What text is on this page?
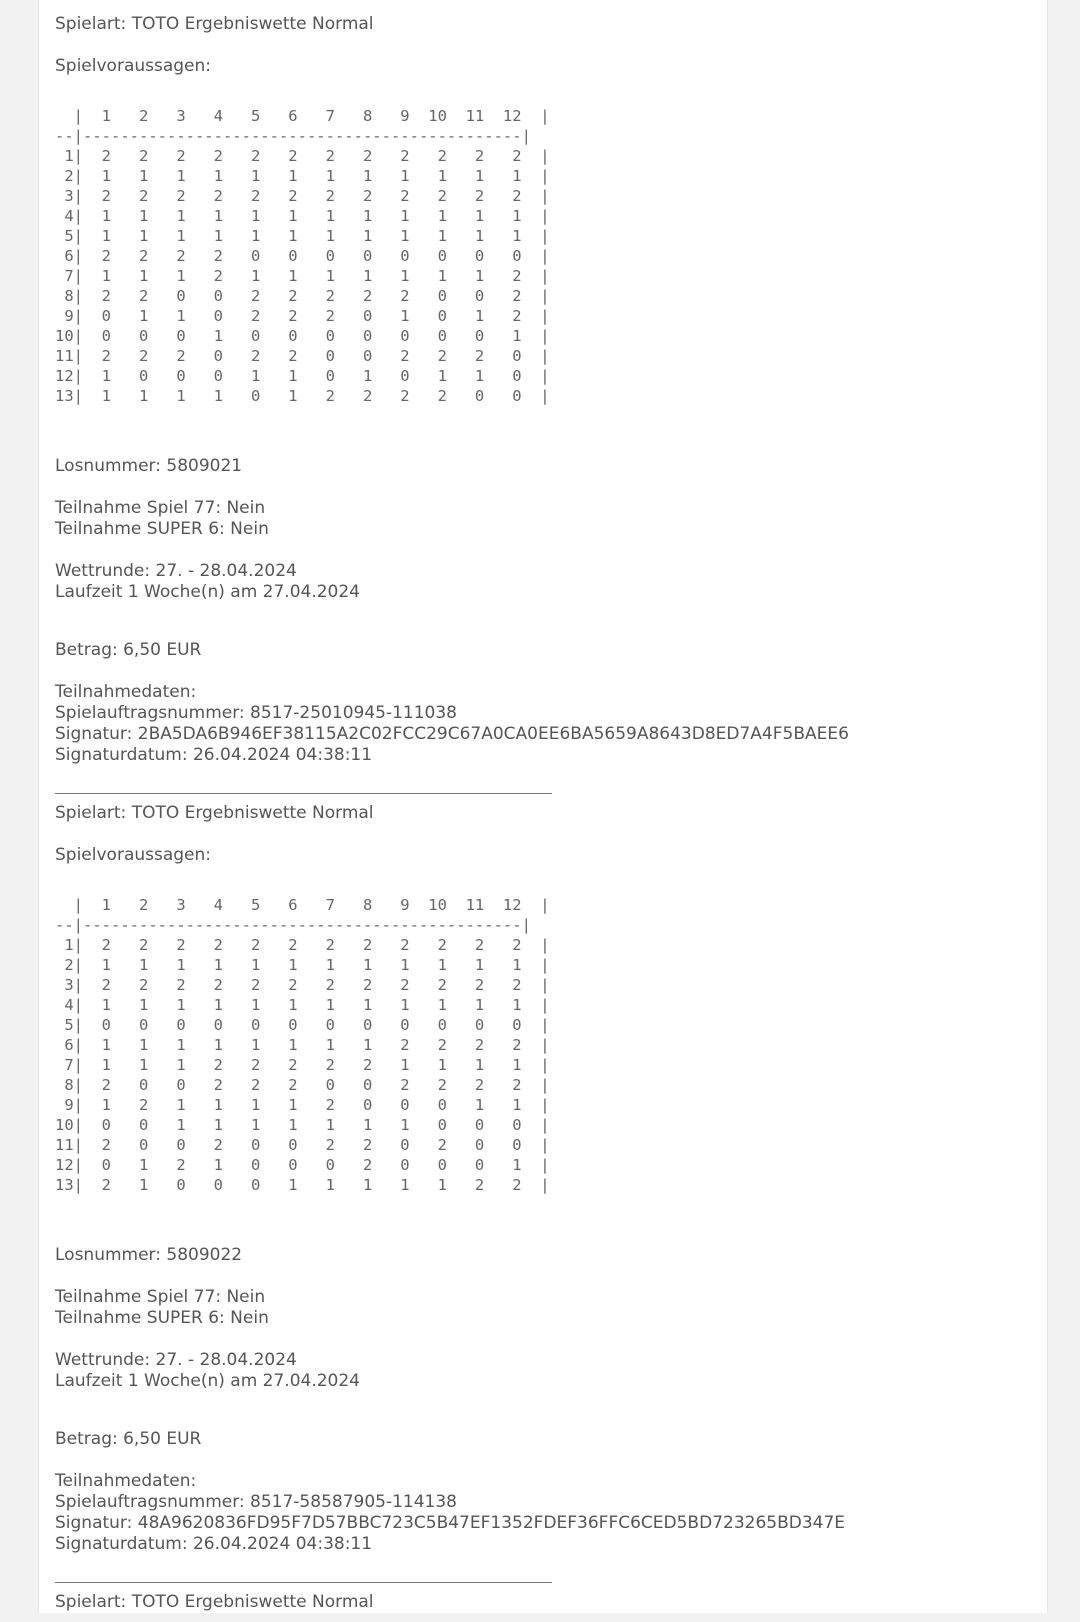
Spielart: TOTO Ergebniswette Normal
Spielvoraussagen:
|  1   2   3   4   5   6   7   8   9  10  11  12  |
--|-----------------------------------------------|
1|  2   2   2   2   2   2   2   2   2   2   2   2  |
2|  1   1   1   1   1   1   1   1   1   1   1   1  |
3|  2   2   2   2   2   2   2   2   2   2   2   2  |
4|  1   1   1   1   1   1   1   1   1   1   1   1  |
5|  1   1   1   1   1   1   1   1   1   1   1   1  |
6|  2   2   2   2   0   0   0   0   0   0   0   0  |
7|  1   1   1   2   1   1   1   1   1   1   1   2  |
8|  2   2   0   0   2   2   2   2   2   0   0   2  |
9|  0   1   1   0   2   2   2   0   1   0   1   2  |
10|  0   0   0   1   0   0   0   0   0   0   0   1  |
11|  2   2   2   0   2   2   0   0   2   2   2   0  |
12|  1   0   0   0   1   1   0   1   0   1   1   0  |
13|  1   1   1   1   0   1   2   2   2   2   0   0  |
Losnummer: 5809021
Teilnahme Spiel 77: Nein
Teilnahme SUPER 6: Nein
Wettrunde: 27. - 28.04.2024
Laufzeit 1 Woche(n) am 27.04.2024
Betrag: 6,50 EUR
Teilnahmedaten:
Spielauftragsnummer: 8517-25010945-111038
Signatur: 2BA5DA6B946EF38115A2C02FCC29C67A0CA0EE6BA5659A8643D8ED7A4F5BAEE6
Signaturdatum: 26.04.2024 04:38:11
Spielart: TOTO Ergebniswette Normal
Spielvoraussagen:
|  1   2   3   4   5   6   7   8   9  10  11  12  |
--|-----------------------------------------------|
1|  2   2   2   2   2   2   2   2   2   2   2   2  |
2|  1   1   1   1   1   1   1   1   1   1   1   1  |
3|  2   2   2   2   2   2   2   2   2   2   2   2  |
4|  1   1   1   1   1   1   1   1   1   1   1   1  |
5|  0   0   0   0   0   0   0   0   0   0   0   0  |
6|  1   1   1   1   1   1   1   1   2   2   2   2  |
7|  1   1   1   2   2   2   2   2   1   1   1   1  |
8|  2   0   0   2   2   2   0   0   2   2   2   2  |
9|  1   2   1   1   1   1   2   0   0   0   1   1  |
10|  0   0   1   1   1   1   1   1   1   0   0   0  |
11|  2   0   0   2   0   0   2   2   0   2   0   0  |
12|  0   1   2   1   0   0   0   2   0   0   0   1  |
13|  2   1   0   0   0   1   1   1   1   1   2   2  |
Losnummer: 5809022
Teilnahme Spiel 77: Nein
Teilnahme SUPER 6: Nein
Wettrunde: 27. - 28.04.2024
Laufzeit 1 Woche(n) am 27.04.2024
Betrag: 6,50 EUR
Teilnahmedaten:
Spielauftragsnummer: 8517-58587905-114138
Signatur: 48A9620836FD95F7D57BBC723C5B47EF1352FDEF36FFC6CED5BD723265BD347E
Signaturdatum: 26.04.2024 04:38:11
Spielart: TOTO Ergebniswette Normal
